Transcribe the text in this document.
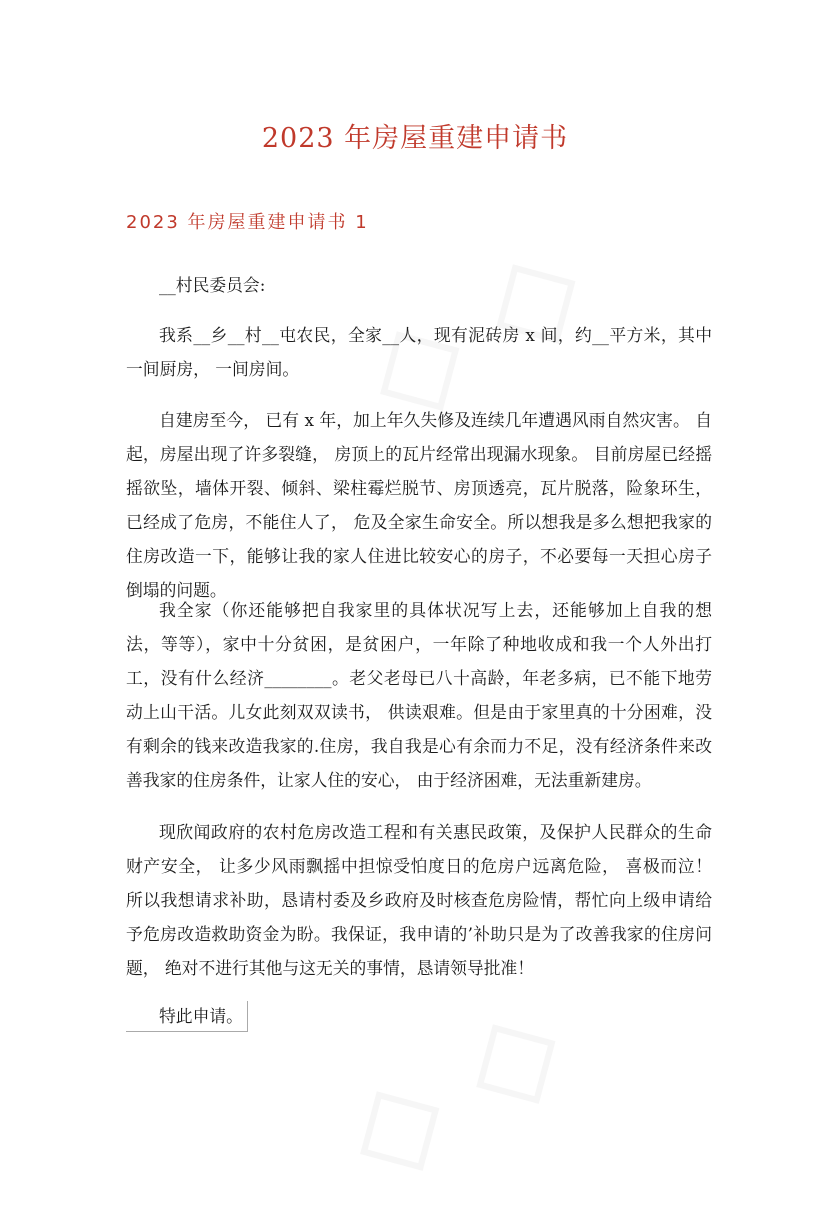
2023 年房屋重建申请书
2023 年房屋重建申请书 1
__村民委员会:
我系__乡__村__屯农民，全家__人，现有泥砖房 x 间，约__平方米，其中一间厨房， 一间房间。
自建房至今， 已有 x 年，加上年久失修及连续几年遭遇风雨自然灾害。 自起，房屋出现了许多裂缝， 房顶上的瓦片经常出现漏水现象。 目前房屋已经摇摇欲坠，墙体开裂、倾斜、梁柱霉烂脱节、房顶透亮，瓦片脱落，险象环生，已经成了危房，不能住人了， 危及全家生命安全。所以想我是多么想把我家的住房改造一下，能够让我的家人住进比较安心的房子，不必要每一天担心房子倒塌的问题。
我全家（你还能够把自我家里的具体状况写上去，还能够加上自我的想法，等等），家中十分贫困，是贫困户，一年除了种地收成和我一个人外出打工，没有什么经济________。老父老母已八十高龄，年老多病，已不能下地劳动上山干活。儿女此刻双双读书， 供读艰难。但是由于家里真的十分困难，没有剩余的钱来改造我家的.住房，我自我是心有余而力不足，没有经济条件来改善我家的住房条件，让家人住的安心， 由于经济困难，无法重新建房。
现欣闻政府的农村危房改造工程和有关惠民政策，及保护人民群众的生命财产安全， 让多少风雨飘摇中担惊受怕度日的危房户远离危险， 喜极而泣！ 所以我想请求补助，恳请村委及乡政府及时核查危房险情，帮忙向上级申请给予危房改造救助资金为盼。我保证，我申请的’补助只是为了改善我家的住房问题， 绝对不进行其他与这无关的事情，恳请领导批准！
特此申请。
